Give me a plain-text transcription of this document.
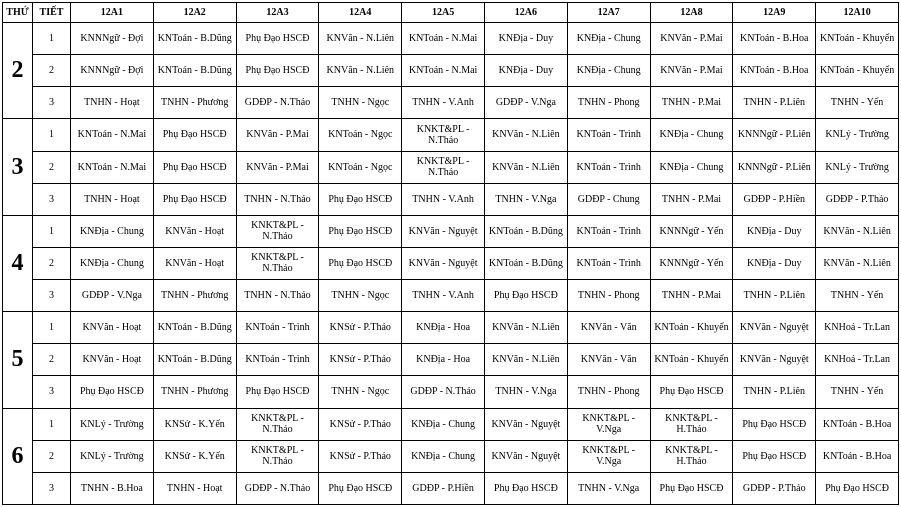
THỨ	TIẾT	12A1	12A2	12A3	12A4	12A5	12A6	12A7	12A8	12A9	12A10
2	1	KNNNgữ - Đợi	KNToán - B.Dũng	Phụ Đạo HSCĐ	KNVăn - N.Liên	KNToán - N.Mai	KNĐịa - Duy	KNĐịa - Chung	KNVăn - P.Mai	KNToán - B.Hoa	KNToán - Khuyến
	2	KNNNgữ - Đợi	KNToán - B.Dũng	Phụ Đạo HSCĐ	KNVăn - N.Liên	KNToán - N.Mai	KNĐịa - Duy	KNĐịa - Chung	KNVăn - P.Mai	KNToán - B.Hoa	KNToán - Khuyến
	3	TNHN - Hoạt	TNHN - Phương	GDĐP - N.Thảo	TNHN - Ngọc	TNHN - V.Anh	GDĐP - V.Nga	TNHN - Phong	TNHN - P.Mai	TNHN - P.Liên	TNHN - Yến
3	1	KNToán - N.Mai	Phụ Đạo HSCĐ	KNVăn - P.Mai	KNToán - Ngọc	KNKT&PL - N.Thảo	KNVăn - N.Liên	KNToán - Trình	KNĐịa - Chung	KNNNgữ - P.Liên	KNLý - Trường
	2	KNToán - N.Mai	Phụ Đạo HSCĐ	KNVăn - P.Mai	KNToán - Ngọc	KNKT&PL - N.Thảo	KNVăn - N.Liên	KNToán - Trình	KNĐịa - Chung	KNNNgữ - P.Liên	KNLý - Trường
	3	TNHN - Hoạt	Phụ Đạo HSCĐ	TNHN - N.Thảo	Phụ Đạo HSCĐ	TNHN - V.Anh	TNHN - V.Nga	GDĐP - Chung	TNHN - P.Mai	GDĐP - P.Hiền	GDĐP - P.Thảo
4	1	KNĐịa - Chung	KNVăn - Hoạt	KNKT&PL - N.Thảo	Phụ Đạo HSCĐ	KNVăn - Nguyệt	KNToán - B.Dũng	KNToán - Trình	KNNNgữ - Yến	KNĐịa - Duy	KNVăn - N.Liên
	2	KNĐịa - Chung	KNVăn - Hoạt	KNKT&PL - N.Thảo	Phụ Đạo HSCĐ	KNVăn - Nguyệt	KNToán - B.Dũng	KNToán - Trình	KNNNgữ - Yến	KNĐịa - Duy	KNVăn - N.Liên
	3	GDĐP - V.Nga	TNHN - Phương	TNHN - N.Thảo	TNHN - Ngọc	TNHN - V.Anh	Phụ Đạo HSCĐ	TNHN - Phong	TNHN - P.Mai	TNHN - P.Liên	TNHN - Yến
5	1	KNVăn - Hoạt	KNToán - B.Dũng	KNToán - Trình	KNSử - P.Thảo	KNĐịa - Hoa	KNVăn - N.Liên	KNVăn - Văn	KNToán - Khuyến	KNVăn - Nguyệt	KNHoá - Tr.Lan
	2	KNVăn - Hoạt	KNToán - B.Dũng	KNToán - Trình	KNSử - P.Thảo	KNĐịa - Hoa	KNVăn - N.Liên	KNVăn - Văn	KNToán - Khuyến	KNVăn - Nguyệt	KNHoá - Tr.Lan
	3	Phụ Đạo HSCĐ	TNHN - Phương	Phụ Đạo HSCĐ	TNHN - Ngọc	GDĐP - N.Thảo	TNHN - V.Nga	TNHN - Phong	Phụ Đạo HSCĐ	TNHN - P.Liên	TNHN - Yến
6	1	KNLý - Trường	KNSử - K.Yến	KNKT&PL - N.Thảo	KNSử - P.Thảo	KNĐịa - Chung	KNVăn - Nguyệt	KNKT&PL - V.Nga	KNKT&PL - H.Thảo	Phụ Đạo HSCĐ	KNToán - B.Hoa
	2	KNLý - Trường	KNSử - K.Yến	KNKT&PL - N.Thảo	KNSử - P.Thảo	KNĐịa - Chung	KNVăn - Nguyệt	KNKT&PL - V.Nga	KNKT&PL - H.Thảo	Phụ Đạo HSCĐ	KNToán - B.Hoa
	3	TNHN - B.Hoa	TNHN - Hoạt	GDĐP - N.Thảo	Phụ Đạo HSCĐ	GDĐP - P.Hiền	Phụ Đạo HSCĐ	TNHN - V.Nga	Phụ Đạo HSCĐ	GDĐP - P.Thảo	Phụ Đạo HSCĐ
